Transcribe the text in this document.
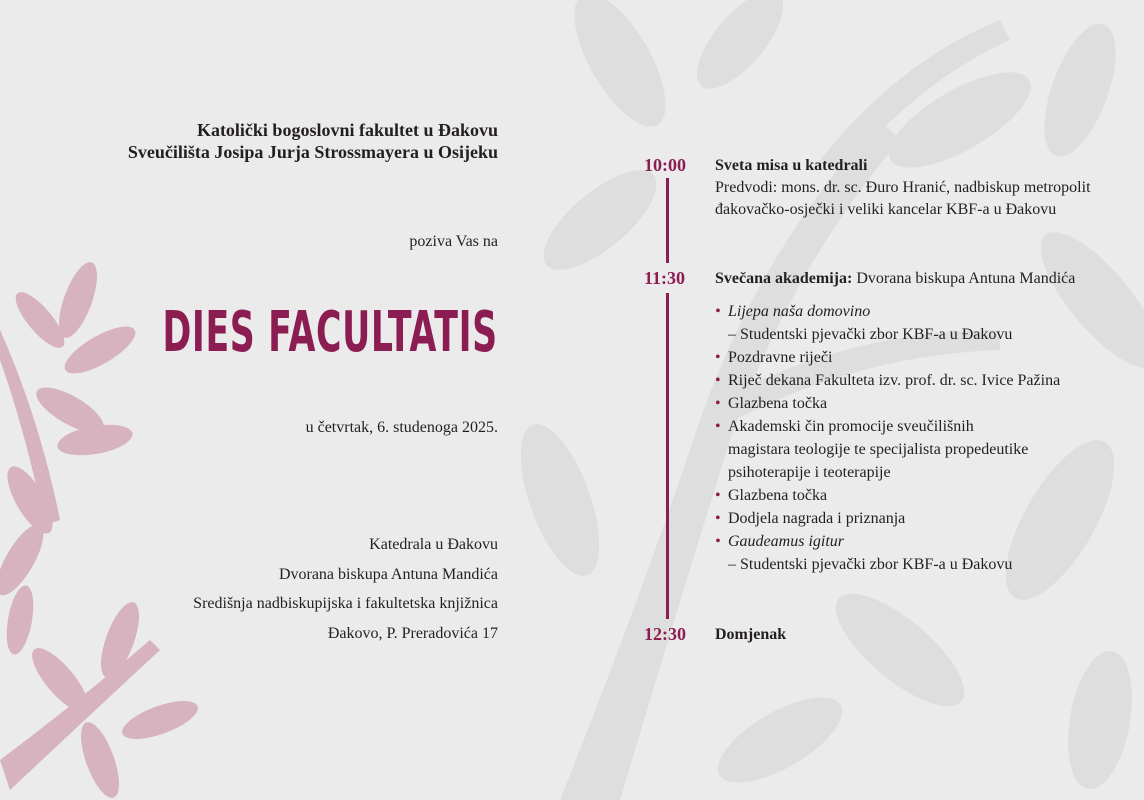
Katolički bogoslovni fakultet u Đakovu
Sveučilišta Josipa Jurja Strossmayera u Osijeku
poziva Vas na
DIES FACULTATIS
u četvrtak, 6. studenoga 2025.
Katedrala u Đakovu
Dvorana biskupa Antuna Mandića
Središnja nadbiskupijska i fakultetska knjižnica
Đakovo, P. Preradovića 17
10:00 Sveta misa u katedrali
Predvodi: mons. dr. sc. Đuro Hranić, nadbiskup metropolit
đakovačko-osječki i veliki kancelar KBF-a u Đakovu
11:30 Svečana akademija: Dvorana biskupa Antuna Mandića
• Lijepa naša domovino
– Studentski pjevački zbor KBF-a u Đakovu
• Pozdravne riječi
• Riječ dekana Fakulteta izv. prof. dr. sc. Ivice Pažina
• Glazbena točka
• Akademski čin promocije sveučilišnih
magistara teologije te specijalista propedeutike
psihoterapije i teoterapije
• Glazbena točka
• Dodjela nagrada i priznanja
• Gaudeamus igitur
– Studentski pjevački zbor KBF-a u Đakovu
12:30 Domjenak
